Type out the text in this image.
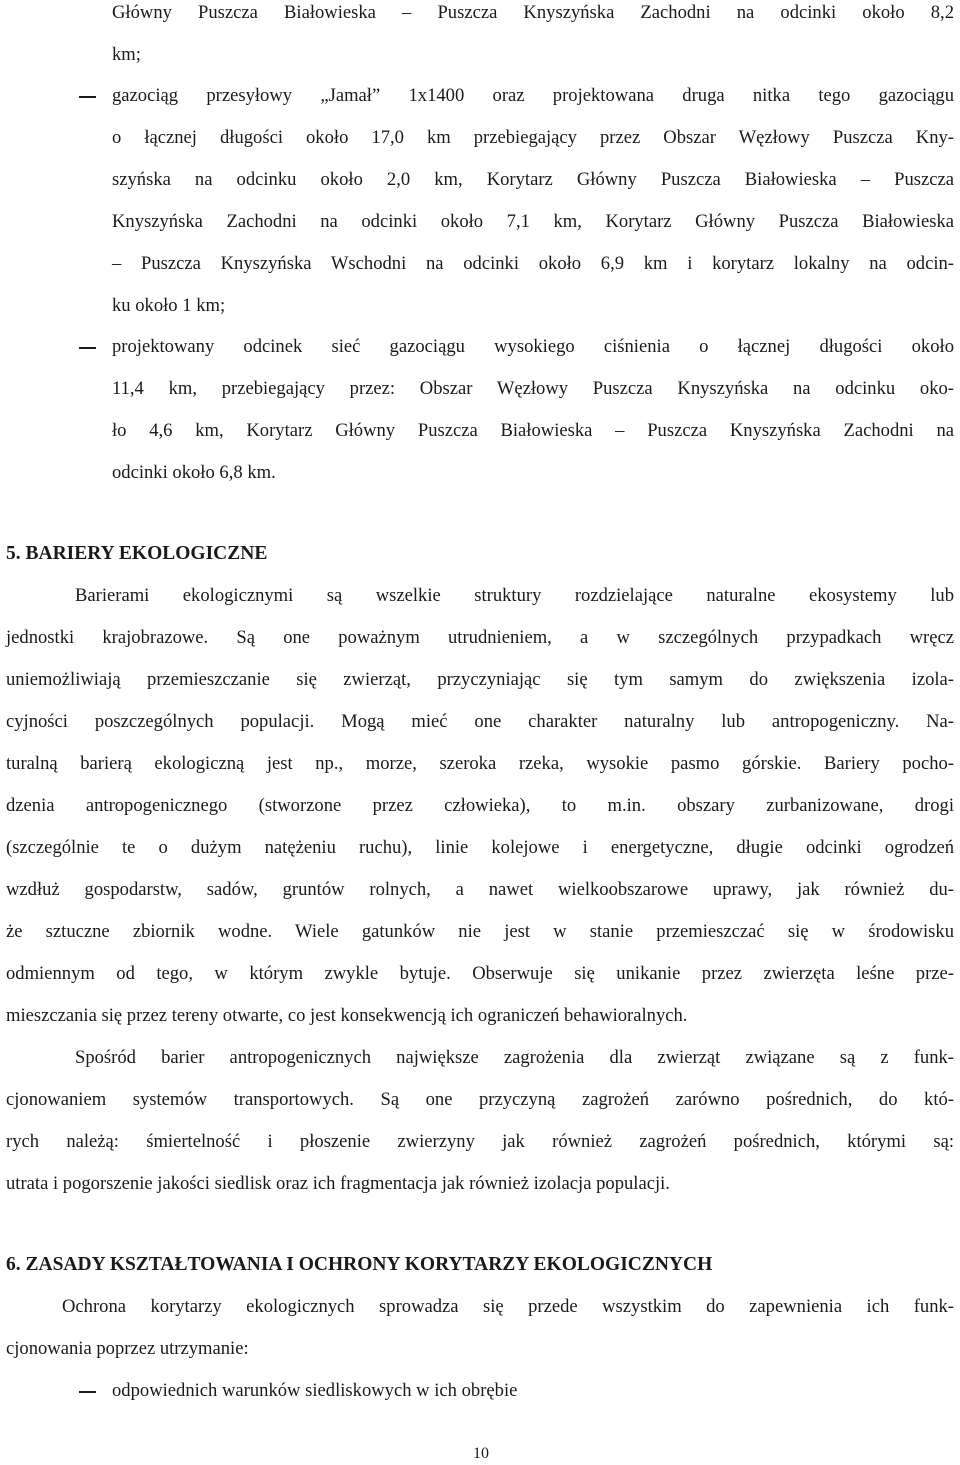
Główny Puszcza Białowieska – Puszcza Knyszyńska Zachodni na odcinki około 8,2
km;
gazociąg przesyłowy „Jamał” 1x1400 oraz projektowana druga nitka tego gazociągu
o łącznej długości około 17,0 km przebiegający przez Obszar Węzłowy Puszcza Kny-
szyńska na odcinku około 2,0 km, Korytarz Główny Puszcza Białowieska – Puszcza
Knyszyńska Zachodni na odcinki około 7,1 km, Korytarz Główny Puszcza Białowieska
– Puszcza Knyszyńska Wschodni na odcinki około 6,9 km i korytarz lokalny na odcin-
ku około 1 km;
projektowany odcinek sieć gazociągu wysokiego ciśnienia o łącznej długości około
11,4 km, przebiegający przez: Obszar Węzłowy Puszcza Knyszyńska na odcinku oko-
ło 4,6 km, Korytarz Główny Puszcza Białowieska – Puszcza Knyszyńska Zachodni na
odcinki około 6,8 km.
5. BARIERY EKOLOGICZNE
Barierami ekologicznymi są wszelkie struktury rozdzielające naturalne ekosystemy lub
jednostki krajobrazowe. Są one poważnym utrudnieniem, a w szczególnych przypadkach wręcz
uniemożliwiają przemieszczanie się zwierząt, przyczyniając się tym samym do zwiększenia izola-
cyjności poszczególnych populacji. Mogą mieć one charakter naturalny lub antropogeniczny. Na-
turalną barierą ekologiczną jest np., morze, szeroka rzeka, wysokie pasmo górskie. Bariery pocho-
dzenia antropogenicznego (stworzone przez człowieka), to m.in. obszary zurbanizowane, drogi
(szczególnie te o dużym natężeniu ruchu), linie kolejowe i energetyczne, długie odcinki ogrodzeń
wzdłuż gospodarstw, sadów, gruntów rolnych, a nawet wielkoobszarowe uprawy, jak również du-
że sztuczne zbiornik wodne. Wiele gatunków nie jest w stanie przemieszczać się w środowisku
odmiennym od tego, w którym zwykle bytuje. Obserwuje się unikanie przez zwierzęta leśne prze-
mieszczania się przez tereny otwarte, co jest konsekwencją ich ograniczeń behawioralnych.
Spośród barier antropogenicznych największe zagrożenia dla zwierząt związane są z funk-
cjonowaniem systemów transportowych. Są one przyczyną zagrożeń zarówno pośrednich, do któ-
rych należą: śmiertelność i płoszenie zwierzyny jak również zagrożeń pośrednich, którymi są:
utrata i pogorszenie jakości siedlisk oraz ich fragmentacja jak również izolacja populacji.
6. ZASADY KSZTAŁTOWANIA I OCHRONY KORYTARZY EKOLOGICZNYCH
Ochrona korytarzy ekologicznych sprowadza się przede wszystkim do zapewnienia ich funk-
cjonowania poprzez utrzymanie:
odpowiednich warunków siedliskowych w ich obrębie
10
